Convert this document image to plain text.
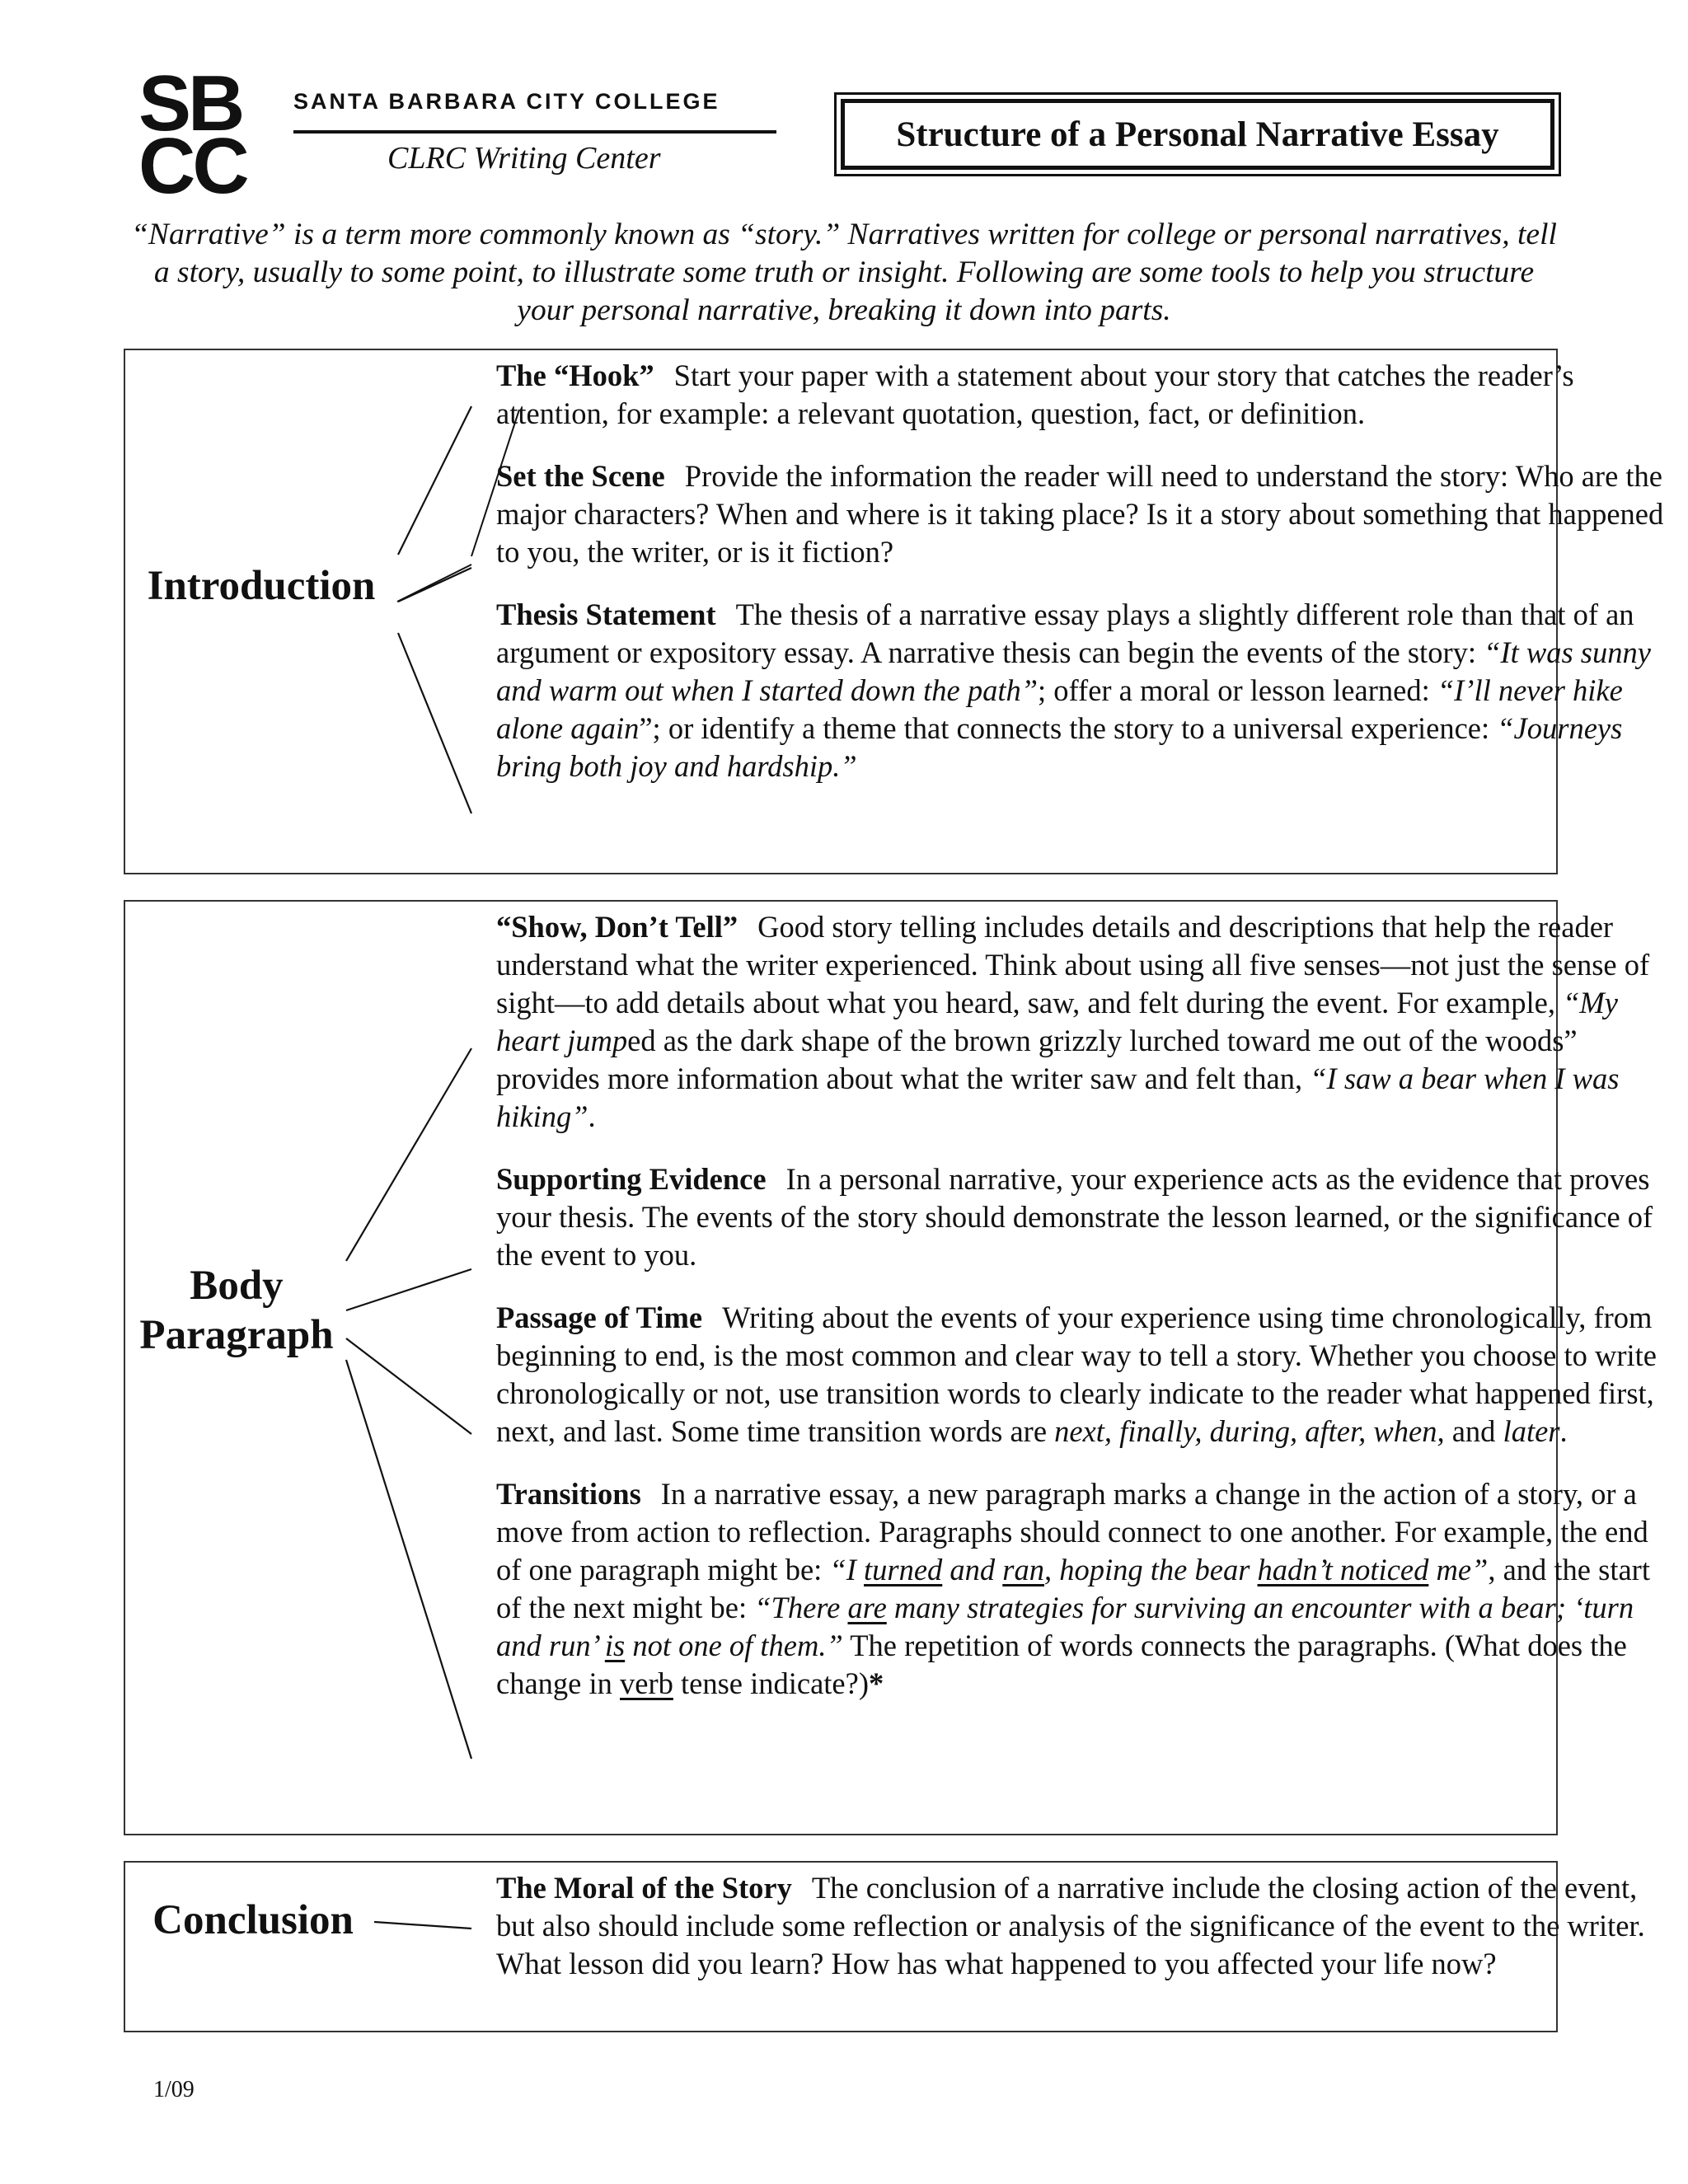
SB
CC
SANTA BARBARA CITY COLLEGE
CLRC Writing Center
Structure of a Personal Narrative Essay
“Narrative” is a term more commonly known as “story.” Narratives written for college or personal narratives, tell a story, usually to some point, to illustrate some truth or insight. Following are some tools to help you structure your personal narrative, breaking it down into parts.
Introduction
The “Hook” Start your paper with a statement about your story that catches the reader’s attention, for example: a relevant quotation, question, fact, or definition.
Set the Scene Provide the information the reader will need to understand the story: Who are the major characters? When and where is it taking place? Is it a story about something that happened to you, the writer, or is it fiction?
Thesis Statement The thesis of a narrative essay plays a slightly different role than that of an argument or expository essay. A narrative thesis can begin the events of the story: “It was sunny and warm out when I started down the path”; offer a moral or lesson learned: “I’ll never hike alone again”; or identify a theme that connects the story to a universal experience: “Journeys bring both joy and hardship.”
Body
Paragraph
“Show, Don’t Tell” Good story telling includes details and descriptions that help the reader understand what the writer experienced. Think about using all five senses—not just the sense of sight—to add details about what you heard, saw, and felt during the event. For example, “My heart jumped as the dark shape of the brown grizzly lurched toward me out of the woods” provides more information about what the writer saw and felt than, “I saw a bear when I was hiking”.
Supporting Evidence In a personal narrative, your experience acts as the evidence that proves your thesis. The events of the story should demonstrate the lesson learned, or the significance of the event to you.
Passage of Time Writing about the events of your experience using time chronologically, from beginning to end, is the most common and clear way to tell a story. Whether you choose to write chronologically or not, use transition words to clearly indicate to the reader what happened first, next, and last. Some time transition words are next, finally, during, after, when, and later.
Transitions In a narrative essay, a new paragraph marks a change in the action of a story, or a move from action to reflection. Paragraphs should connect to one another. For example, the end of one paragraph might be: “I turned and ran, hoping the bear hadn’t noticed me”, and the start of the next might be: “There are many strategies for surviving an encounter with a bear; ‘turn and run’ is not one of them.” The repetition of words connects the paragraphs. (What does the change in verb tense indicate?)*
Conclusion
The Moral of the Story The conclusion of a narrative include the closing action of the event, but also should include some reflection or analysis of the significance of the event to the writer. What lesson did you learn? How has what happened to you affected your life now?
1/09
